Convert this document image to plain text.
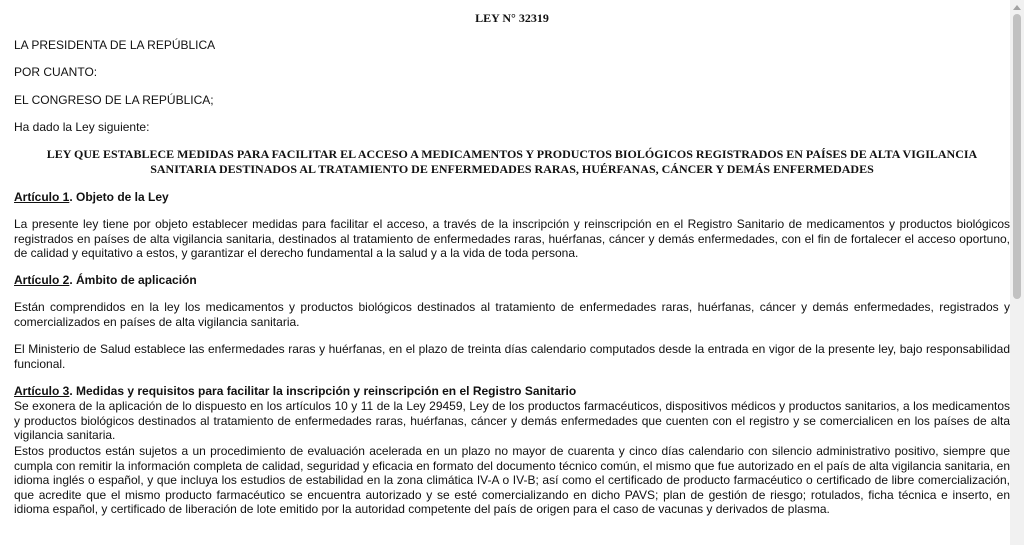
LEY N° 32319

LA PRESIDENTA DE LA REPÚBLICA

POR CUANTO:

EL CONGRESO DE LA REPÚBLICA;

Ha dado la Ley siguiente:

LEY QUE ESTABLECE MEDIDAS PARA FACILITAR EL ACCESO A MEDICAMENTOS Y PRODUCTOS BIOLÓGICOS REGISTRADOS EN PAÍSES DE ALTA VIGILANCIA SANITARIA DESTINADOS AL TRATAMIENTO DE ENFERMEDADES RARAS, HUÉRFANAS, CÁNCER Y DEMÁS ENFERMEDADES

Artículo 1. Objeto de la Ley

La presente ley tiene por objeto establecer medidas para facilitar el acceso, a través de la inscripción y reinscripción en el Registro Sanitario de medicamentos y productos biológicos registrados en países de alta vigilancia sanitaria, destinados al tratamiento de enfermedades raras, huérfanas, cáncer y demás enfermedades, con el fin de fortalecer el acceso oportuno, de calidad y equitativo a estos, y garantizar el derecho fundamental a la salud y a la vida de toda persona.

Artículo 2. Ámbito de aplicación

Están comprendidos en la ley los medicamentos y productos biológicos destinados al tratamiento de enfermedades raras, huérfanas, cáncer y demás enfermedades, registrados y comercializados en países de alta vigilancia sanitaria.

El Ministerio de Salud establece las enfermedades raras y huérfanas, en el plazo de treinta días calendario computados desde la entrada en vigor de la presente ley, bajo responsabilidad funcional.

Artículo 3. Medidas y requisitos para facilitar la inscripción y reinscripción en el Registro Sanitario

Se exonera de la aplicación de lo dispuesto en los artículos 10 y 11 de la Ley 29459, Ley de los productos farmacéuticos, dispositivos médicos y productos sanitarios, a los medicamentos y productos biológicos destinados al tratamiento de enfermedades raras, huérfanas, cáncer y demás enfermedades que cuenten con el registro y se comercialicen en los países de alta vigilancia sanitaria.

Estos productos están sujetos a un procedimiento de evaluación acelerada en un plazo no mayor de cuarenta y cinco días calendario con silencio administrativo positivo, siempre que cumpla con remitir la información completa de calidad, seguridad y eficacia en formato del documento técnico común, el mismo que fue autorizado en el país de alta vigilancia sanitaria, en idioma inglés o español, y que incluya los estudios de estabilidad en la zona climática IV-A o IV-B; así como el certificado de producto farmacéutico o certificado de libre comercialización, que acredite que el mismo producto farmacéutico se encuentra autorizado y se esté comercializando en dicho PAVS; plan de gestión de riesgo; rotulados, ficha técnica e inserto, en idioma español, y certificado de liberación de lote emitido por la autoridad competente del país de origen para el caso de vacunas y derivados de plasma.
